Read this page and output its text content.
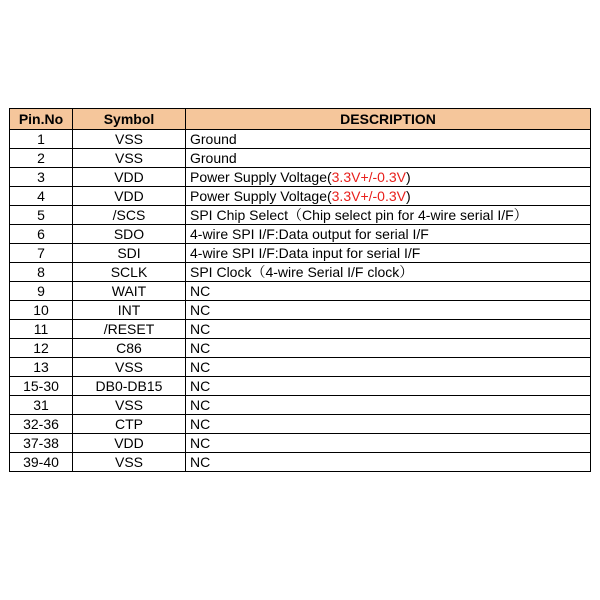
Pin.No	Symbol	DESCRIPTION
1	VSS	Ground
2	VSS	Ground
3	VDD	Power Supply Voltage(3.3V+/-0.3V)
4	VDD	Power Supply Voltage(3.3V+/-0.3V)
5	/SCS	SPI Chip Select（Chip select pin for 4-wire serial I/F）
6	SDO	4-wire SPI I/F:Data output for serial I/F
7	SDI	4-wire SPI I/F:Data input for serial I/F
8	SCLK	SPI Clock（4-wire Serial I/F clock）
9	WAIT	NC
10	INT	NC
11	/RESET	NC
12	C86	NC
13	VSS	NC
15-30	DB0-DB15	NC
31	VSS	NC
32-36	CTP	NC
37-38	VDD	NC
39-40	VSS	NC
